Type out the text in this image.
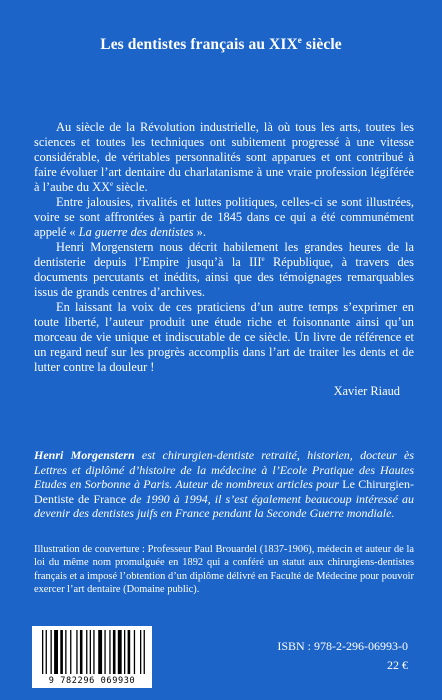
Les dentistes français au XIXe siècle

Au siècle de la Révolution industrielle, là où tous les arts, toutes les sciences et toutes les techniques ont subitement progressé à une vitesse considérable, de véritables personnalités sont apparues et ont contribué à faire évoluer l’art dentaire du charlatanisme à une vraie profession légiférée à l’aube du XXe siècle.

Entre jalousies, rivalités et luttes politiques, celles-ci se sont illustrées, voire se sont affrontées à partir de 1845 dans ce qui a été communément appelé « La guerre des dentistes ».

Henri Morgenstern nous décrit habilement les grandes heures de la dentisterie depuis l’Empire jusqu’à la IIIe République, à travers des documents percutants et inédits, ainsi que des témoignages remarquables issus de grands centres d’archives.

En laissant la voix de ces praticiens d’un autre temps s’exprimer en toute liberté, l’auteur produit une étude riche et foisonnante ainsi qu’un morceau de vie unique et indiscutable de ce siècle. Un livre de référence et un regard neuf sur les progrès accomplis dans l’art de traiter les dents et de lutter contre la douleur !

Xavier Riaud

Henri Morgenstern est chirurgien-dentiste retraité, historien, docteur ès Lettres et diplômé d’histoire de la médecine à l’Ecole Pratique des Hautes Etudes en Sorbonne à Paris. Auteur de nombreux articles pour Le Chirurgien-Dentiste de France de 1990 à 1994, il s’est également beaucoup intéressé au devenir des dentistes juifs en France pendant la Seconde Guerre mondiale.

Illustration de couverture : Professeur Paul Brouardel (1837-1906), médecin et auteur de la loi du même nom promulguée en 1892 qui a conféré un statut aux chirurgiens-dentistes français et a imposé l’obtention d’un diplôme délivré en Faculté de Médecine pour pouvoir exercer l’art dentaire (Domaine public).

9 782296 069930
ISBN : 978-2-296-06993-0
22 €
